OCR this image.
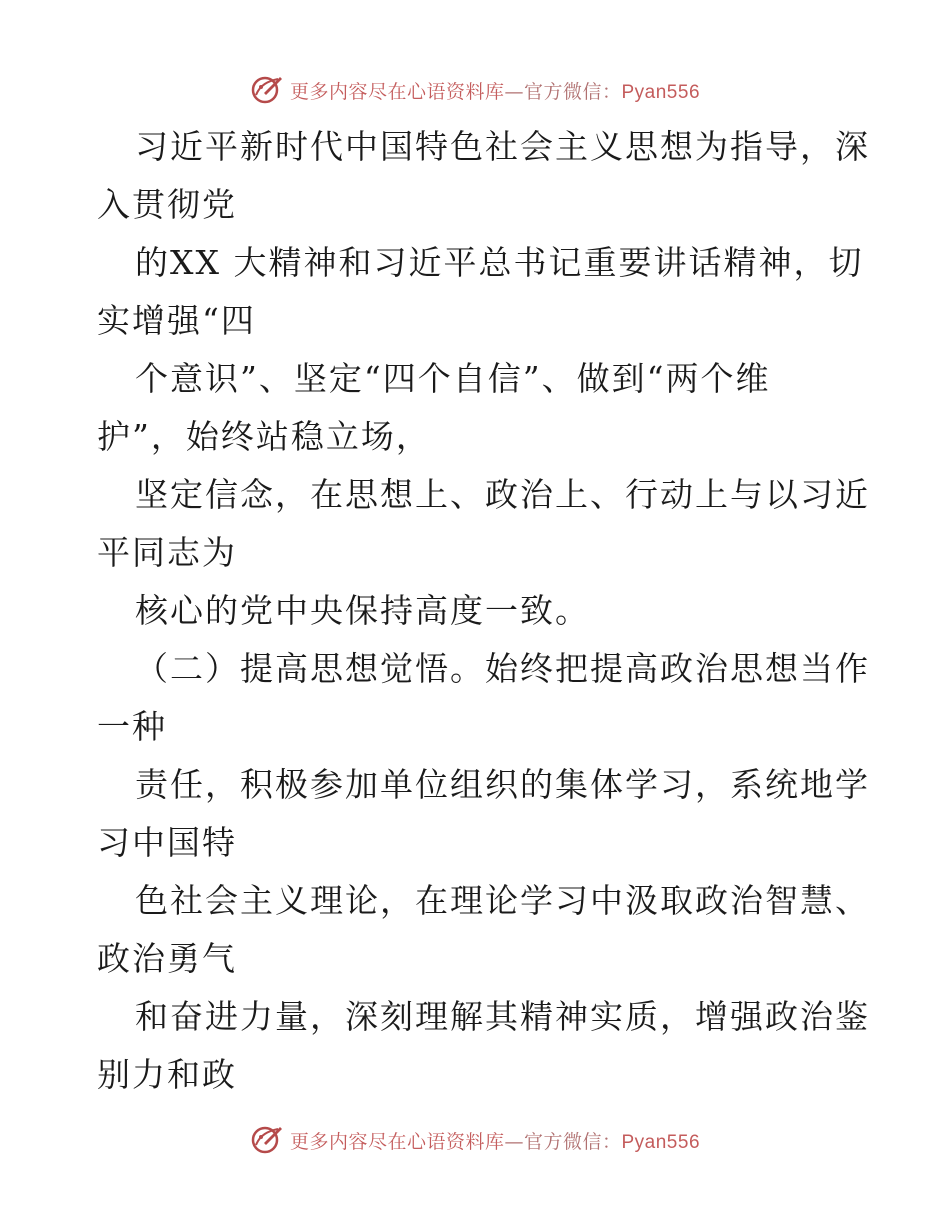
更多内容尽在心语资料库—官方微信：Pyan556
习近平新时代中国特色社会主义思想为指导，深
入贯彻党
的XX 大精神和习近平总书记重要讲话精神，切
实增强“四
个意识”、坚定“四个自信”、做到“两个维
护”，始终站稳立场，
坚定信念，在思想上、政治上、行动上与以习近
平同志为
核心的党中央保持高度一致。
（二）提高思想觉悟。始终把提高政治思想当作
一种
责任，积极参加单位组织的集体学习，系统地学
习中国特
色社会主义理论，在理论学习中汲取政治智慧、
政治勇气
和奋进力量，深刻理解其精神实质，增强政治鉴
别力和政
更多内容尽在心语资料库—官方微信：Pyan556
